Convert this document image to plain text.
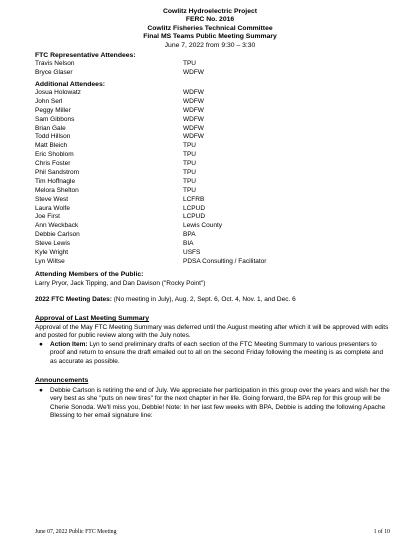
Cowlitz Hydroelectric Project
FERC No. 2016
Cowlitz Fisheries Technical Committee
Final MS Teams Public Meeting Summary
June 7, 2022 from 9:30 – 3:30
FTC Representative Attendees:
Travis Nelson	TPU
Bryce Glaser	WDFW
Additional Attendees:
Josua Holowatz	WDFW
John Serl	WDFW
Peggy Miller	WDFW
Sam Gibbons	WDFW
Brian Gale	WDFW
Todd Hillson	WDFW
Matt Bleich	TPU
Eric Shoblom	TPU
Chris Foster	TPU
Phil Sandstrom	TPU
Tim Hoffnagle	TPU
Melora Shelton	TPU
Steve West	LCFRB
Laura Wolfe	LCPUD
Joe First	LCPUD
Ann Weckback	Lewis County
Debbie Carlson	BPA
Steve Lewis	BIA
Kyle Wright	USFS
Lyn Wiltse	PDSA Consulting / Facilitator
Attending Members of the Public:
Larry Pryor, Jack Tipping, and Dan Davison ("Rocky Point")
2022 FTC Meeting Dates: (No meeting in July), Aug. 2, Sept. 6, Oct. 4, Nov. 1, and Dec. 6
Approval of Last Meeting Summary
Approval of the May FTC Meeting Summary was deferred until the August meeting after which it will be approved with edits and posted for public review along with the July notes.
● Action Item: Lyn to send preliminary drafts of each section of the FTC Meeting Summary to various presenters to proof and return to ensure the draft emailed out to all on the second Friday following the meeting is as complete and as accurate as possible.
Announcements
● Debbie Carlson is retiring the end of July. We appreciate her participation in this group over the years and wish her the very best as she "puts on new tires" for the next chapter in her life. Going forward, the BPA rep for this group will be Cherie Sonoda. We'll miss you, Debbie! Note: In her last few weeks with BPA, Debbie is adding the following Apache Blessing to her email signature line:
June 07, 2022 Public FTC Meeting	1 of 10
